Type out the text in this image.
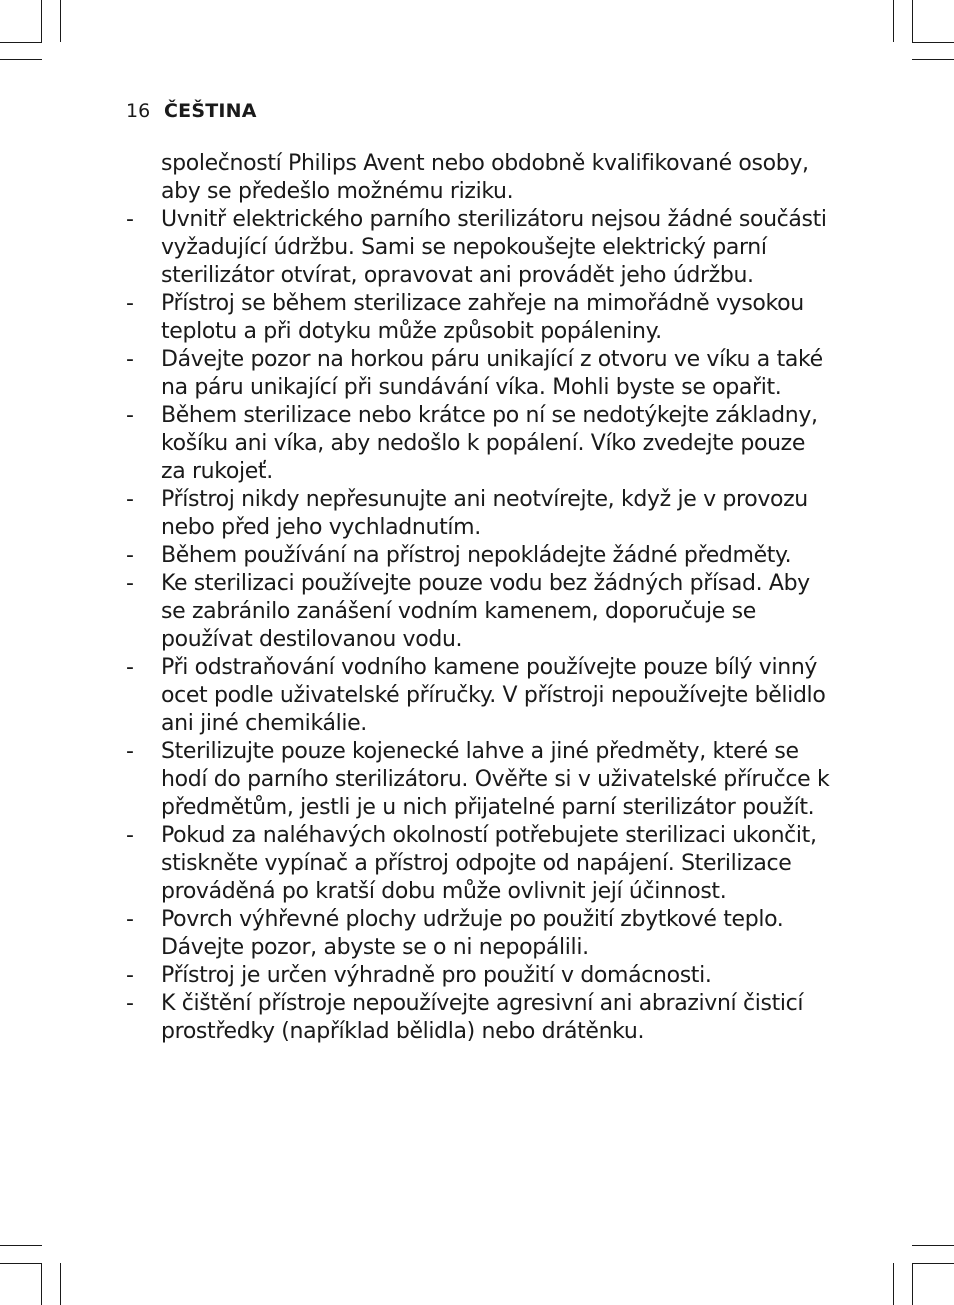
16 ČEŠTINA

společností Philips Avent nebo obdobně kvalifikované osoby, aby se předešlo možnému riziku.

-	Uvnitř elektrického parního sterilizátoru nejsou žádné součásti vyžadující údržbu. Sami se nepokoušejte elektrický parní sterilizátor otvírat, opravovat ani provádět jeho údržbu.
-	Přístroj se během sterilizace zahřeje na mimořádně vysokou teplotu a při dotyku může způsobit popáleniny.
-	Dávejte pozor na horkou páru unikající z otvoru ve víku a také na páru unikající při sundávání víka. Mohli byste se opařit.
-	Během sterilizace nebo krátce po ní se nedotýkejte základny, košíku ani víka, aby nedošlo k popálení. Víko zvedejte pouze za rukojeť.
-	Přístroj nikdy nepřesunujte ani neotvírejte, když je v provozu nebo před jeho vychladnutím.
-	Během používání na přístroj nepokládejte žádné předměty.
-	Ke sterilizaci používejte pouze vodu bez žádných přísad. Aby se zabránilo zanášení vodním kamenem, doporučuje se používat destilovanou vodu.
-	Při odstraňování vodního kamene používejte pouze bílý vinný ocet podle uživatelské příručky. V přístroji nepoužívejte bělidlo ani jiné chemikálie.
-	Sterilizujte pouze kojenecké lahve a jiné předměty, které se hodí do parního sterilizátoru. Ověřte si v uživatelské příručce k předmětům, jestli je u nich přijatelné parní sterilizátor použít.
-	Pokud za naléhavých okolností potřebujete sterilizaci ukončit, stiskněte vypínač a přístroj odpojte od napájení. Sterilizace prováděná po kratší dobu může ovlivnit její účinnost.
-	Povrch výhřevné plochy udržuje po použití zbytkové teplo. Dávejte pozor, abyste se o ni nepopálili.
-	Přístroj je určen výhradně pro použití v domácnosti.
-	K čištění přístroje nepoužívejte agresivní ani abrazivní čisticí prostředky (například bělidla) nebo drátěnku.
